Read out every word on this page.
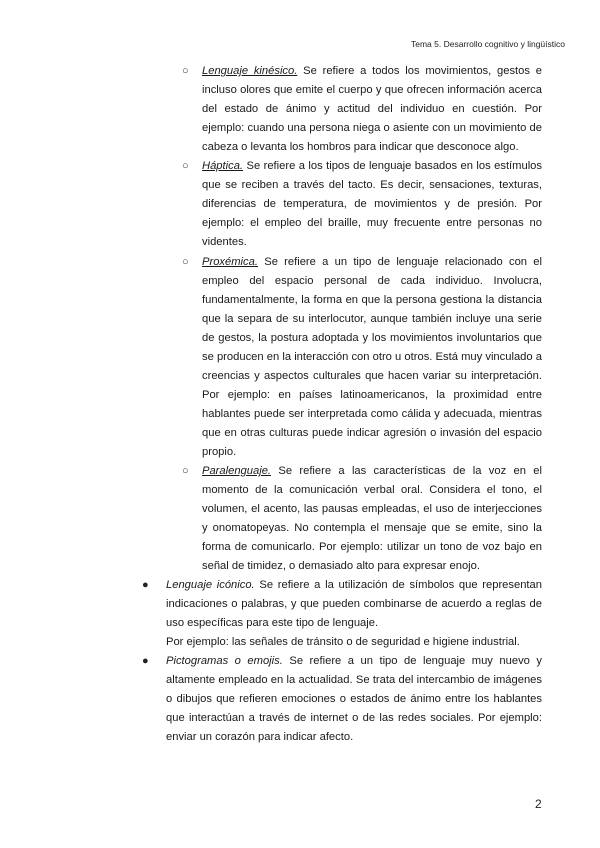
Tema 5. Desarrollo cognitivo y lingüístico
○ Lenguaje kinésico. Se refiere a todos los movimientos, gestos e incluso olores que emite el cuerpo y que ofrecen información acerca del estado de ánimo y actitud del individuo en cuestión. Por ejemplo: cuando una persona niega o asiente con un movimiento de cabeza o levanta los hombros para indicar que desconoce algo.
○ Háptica. Se refiere a los tipos de lenguaje basados en los estímulos que se reciben a través del tacto. Es decir, sensaciones, texturas, diferencias de temperatura, de movimientos y de presión. Por ejemplo: el empleo del braille, muy frecuente entre personas no videntes.
○ Proxémica. Se refiere a un tipo de lenguaje relacionado con el empleo del espacio personal de cada individuo. Involucra, fundamentalmente, la forma en que la persona gestiona la distancia que la separa de su interlocutor, aunque también incluye una serie de gestos, la postura adoptada y los movimientos involuntarios que se producen en la interacción con otro u otros. Está muy vinculado a creencias y aspectos culturales que hacen variar su interpretación. Por ejemplo: en países latinoamericanos, la proximidad entre hablantes puede ser interpretada como cálida y adecuada, mientras que en otras culturas puede indicar agresión o invasión del espacio propio.
○ Paralenguaje. Se refiere a las características de la voz en el momento de la comunicación verbal oral. Considera el tono, el volumen, el acento, las pausas empleadas, el uso de interjecciones y onomatopeyas. No contempla el mensaje que se emite, sino la forma de comunicarlo. Por ejemplo: utilizar un tono de voz bajo en señal de timidez, o demasiado alto para expresar enojo.
● Lenguaje icónico. Se refiere a la utilización de símbolos que representan indicaciones o palabras, y que pueden combinarse de acuerdo a reglas de uso específicas para este tipo de lenguaje.
Por ejemplo: las señales de tránsito o de seguridad e higiene industrial.
● Pictogramas o emojis. Se refiere a un tipo de lenguaje muy nuevo y altamente empleado en la actualidad. Se trata del intercambio de imágenes o dibujos que refieren emociones o estados de ánimo entre los hablantes que interactúan a través de internet o de las redes sociales. Por ejemplo: enviar un corazón para indicar afecto.
2
